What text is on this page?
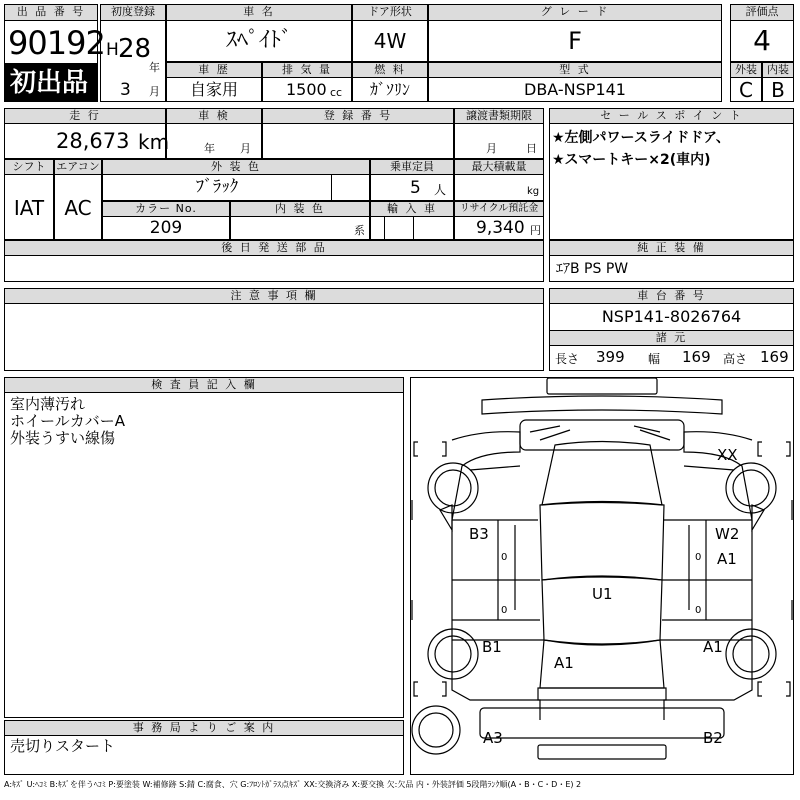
出 品 番 号
90192
初出品
初度登録
H 28
年
3 月
車 名
ｽﾍﾟｲﾄﾞ
ドア形状
4W
グ レ ー ド
F
評価点
4
車 歴
自家用
排 気 量
1500 cc
燃 料
ｶﾞｿﾘﾝ
型 式
DBA-NSP141
外装 内装
C B
走 行
28,673 km
車 検
年 月
登 録 番 号	譲渡書類期限
月	日
シフト
IAT
エアコン
AC
外 装 色
ﾌﾞﾗｯｸ
乗車定員
5 人
最大積載量
kg
カラー No.
209
内 装 色
系
輸 入 車	リサイクル預託金
9,340 円
後 日 発 送 部 品
セ ー ル ス ポ イ ン ト
★左側パワースライドドア、
★スマートキー×2(車内)
純 正 装 備
ｴｱB PS PW
注 意 事 項 欄	車 台 番 号
NSP141-8026764
諸 元
長さ 399 幅 169 高さ 169
検 査 員 記 入 欄
室内薄汚れ
ホイールカバーA
外装うすい線傷
事 務 局 よ り ご 案 内
売切りスタート
XX
B3	W2
A1
U1
B1	A1
A1
A3	B2
0
0
0
0
A:ｷｽﾞ U:ﾍｺﾐ B:ｷｽﾞを伴うﾍｺﾐ P:要塗装 W:補修跡 S:錆 C:腐食、穴 G:ﾌﾛﾝﾄｶﾞﾗｽ点ｷｽﾞ XX:交換済み X:要交換 欠:欠品 内・外装評価 5段階ﾗﾝｸ順(A・B・C・D・E) 2
